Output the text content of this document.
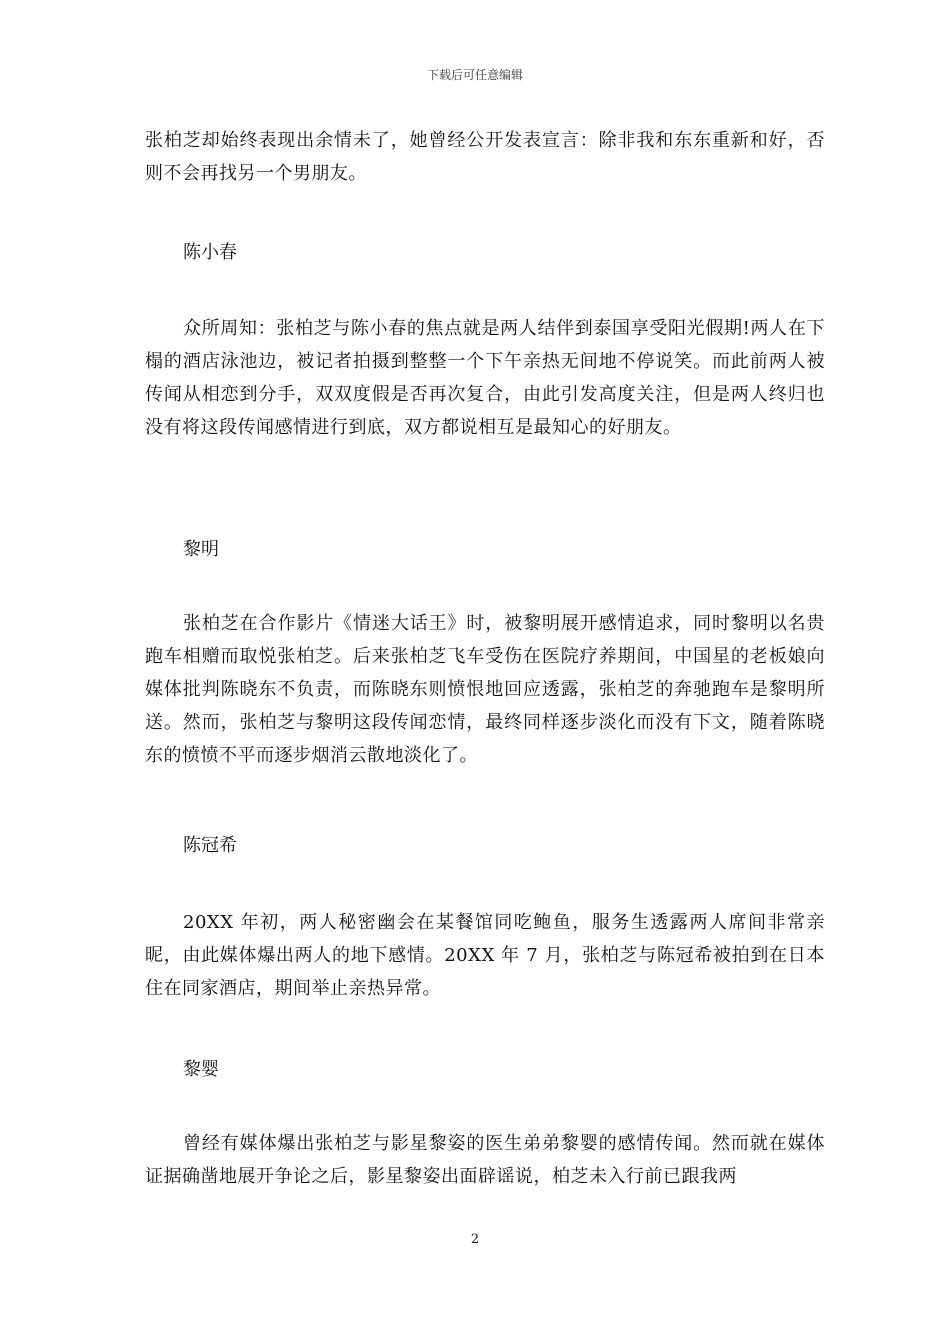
下载后可任意编辑

张柏芝却始终表现出余情未了，她曾经公开发表宣言：除非我和东东重新和好，否则不会再找另一个男朋友。

陈小春

众所周知：张柏芝与陈小春的焦点就是两人结伴到泰国享受阳光假期!两人在下榻的酒店泳池边，被记者拍摄到整整一个下午亲热无间地不停说笑。而此前两人被传闻从相恋到分手，双双度假是否再次复合，由此引发高度关注，但是两人终归也没有将这段传闻感情进行到底，双方都说相互是最知心的好朋友。

黎明

张柏芝在合作影片《情迷大话王》时，被黎明展开感情追求，同时黎明以名贵跑车相赠而取悦张柏芝。后来张柏芝飞车受伤在医院疗养期间，中国星的老板娘向媒体批判陈晓东不负责，而陈晓东则愤恨地回应透露，张柏芝的奔驰跑车是黎明所送。然而，张柏芝与黎明这段传闻恋情，最终同样逐步淡化而没有下文，随着陈晓东的愤愤不平而逐步烟消云散地淡化了。

陈冠希

20XX 年初，两人秘密幽会在某餐馆同吃鲍鱼，服务生透露两人席间非常亲昵，由此媒体爆出两人的地下感情。20XX 年 7 月，张柏芝与陈冠希被拍到在日本住在同家酒店，期间举止亲热异常。

黎婴

曾经有媒体爆出张柏芝与影星黎姿的医生弟弟黎婴的感情传闻。然而就在媒体证据确凿地展开争论之后，影星黎姿出面辟谣说，柏芝未入行前已跟我两

2
